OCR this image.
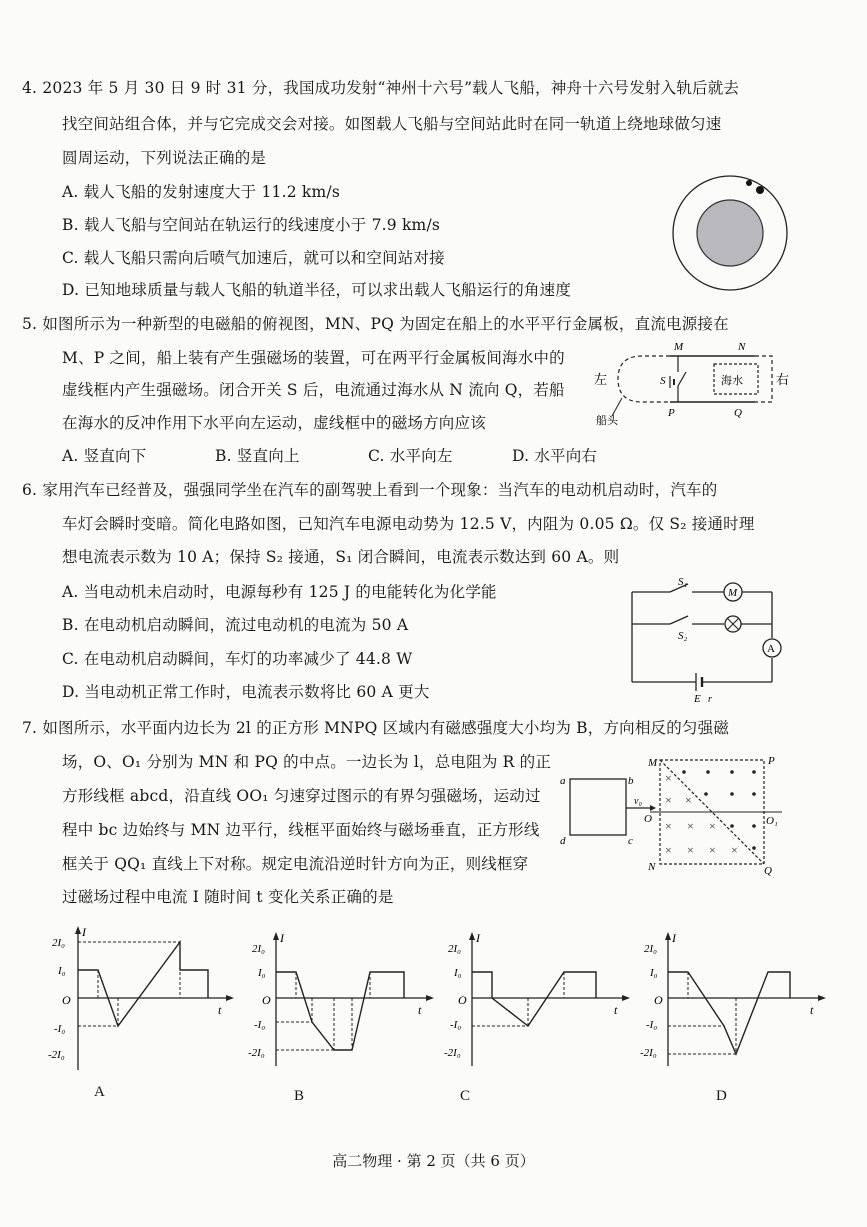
4. 2023 年 5 月 30 日 9 时 31 分，我国成功发射“神州十六号”载人飞船，神舟十六号发射入轨后就去
找空间站组合体，并与它完成交会对接。如图载人飞船与空间站此时在同一轨道上绕地球做匀速
圆周运动，下列说法正确的是
A. 载人飞船的发射速度大于 11.2 km/s
B. 载人飞船与空间站在轨运行的线速度小于 7.9 km/s
C. 载人飞船只需向后喷气加速后，就可以和空间站对接
D. 已知地球质量与载人飞船的轨道半径，可以求出载人飞船运行的角速度
5. 如图所示为一种新型的电磁船的俯视图，MN、PQ 为固定在船上的水平平行金属板，直流电源接在
M、P 之间，船上装有产生强磁场的装置，可在两平行金属板间海水中的
虚线框内产生强磁场。闭合开关 S 后，电流通过海水从 N 流向 Q，若船
在海水的反冲作用下水平向左运动，虚线框中的磁场方向应该
A. 竖直向下	B. 竖直向上	C. 水平向左	D. 水平向右
M	N
P	Q
左	右
S	海水
船头
6. 家用汽车已经普及，强强同学坐在汽车的副驾驶上看到一个现象：当汽车的电动机启动时，汽车的
车灯会瞬时变暗。简化电路如图，已知汽车电源电动势为 12.5 V，内阻为 0.05 Ω。仅 S₂ 接通时理
想电流表示数为 10 A；保持 S₂ 接通，S₁ 闭合瞬间，电流表示数达到 60 A。则
A. 当电动机未启动时，电源每秒有 125 J 的电能转化为化学能
B. 在电动机启动瞬间，流过电动机的电流为 50 A
C. 在电动机启动瞬间，车灯的功率减少了 44.8 W
D. 当电动机正常工作时，电流表示数将比 60 A 更大
M
A
S₁
S₂
E r
7. 如图所示，水平面内边长为 2l 的正方形 MNPQ 区域内有磁感强度大小均为 B，方向相反的匀强磁
场，O、O₁ 分别为 MN 和 PQ 的中点。一边长为 l，总电阻为 R 的正
方形线框 abcd，沿直线 OO₁ 匀速穿过图示的有界匀强磁场，运动过
程中 bc 边始终与 MN 边平行，线框平面始终与磁场垂直，正方形线
框关于 QQ₁ 直线上下对称。规定电流沿逆时针方向为正，则线框穿
过磁场过程中电流 I 随时间 t 变化关系正确的是
a	b
c
d
v₀
×
× ×
× × ×
× × × ×
M	P
O	O₁
N	Q
I
t
O
2I₀
I₀
-I₀
-2I₀
A
I
t
O
2I₀
I₀
-I₀
-2I₀
B
I
t
O
2I₀
I₀
-I₀
-2I₀
C
I
t
O
2I₀
I₀
-I₀
-2I₀
D
高二物理 · 第 2 页（共 6 页）
